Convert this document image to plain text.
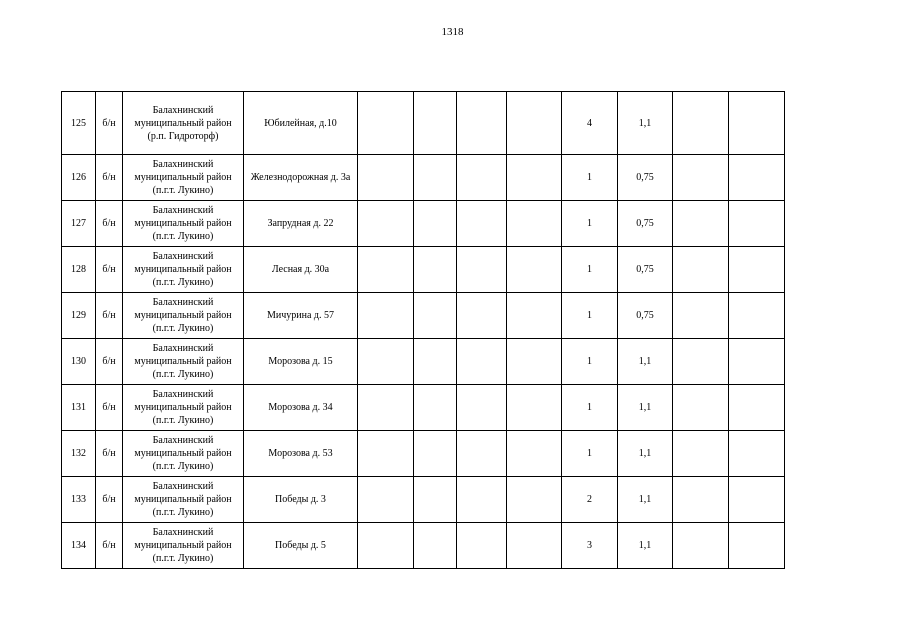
1318
125	б/н	Балахнинский
муниципальный район
(р.п. Гидроторф)	Юбилейная, д.10					4	1,1		
126	б/н	Балахнинский
муниципальный район
(п.г.т. Лукино)	Железнодорожная д. 3а					1	0,75		
127	б/н	Балахнинский
муниципальный район
(п.г.т. Лукино)	Запрудная д. 22					1	0,75		
128	б/н	Балахнинский
муниципальный район
(п.г.т. Лукино)	Лесная д. 30а					1	0,75		
129	б/н	Балахнинский
муниципальный район
(п.г.т. Лукино)	Мичурина д. 57					1	0,75		
130	б/н	Балахнинский
муниципальный район
(п.г.т. Лукино)	Морозова д. 15					1	1,1		
131	б/н	Балахнинский
муниципальный район
(п.г.т. Лукино)	Морозова д. 34					1	1,1		
132	б/н	Балахнинский
муниципальный район
(п.г.т. Лукино)	Морозова д. 53					1	1,1		
133	б/н	Балахнинский
муниципальный район
(п.г.т. Лукино)	Победы д. 3					2	1,1		
134	б/н	Балахнинский
муниципальный район
(п.г.т. Лукино)	Победы д. 5					3	1,1		
